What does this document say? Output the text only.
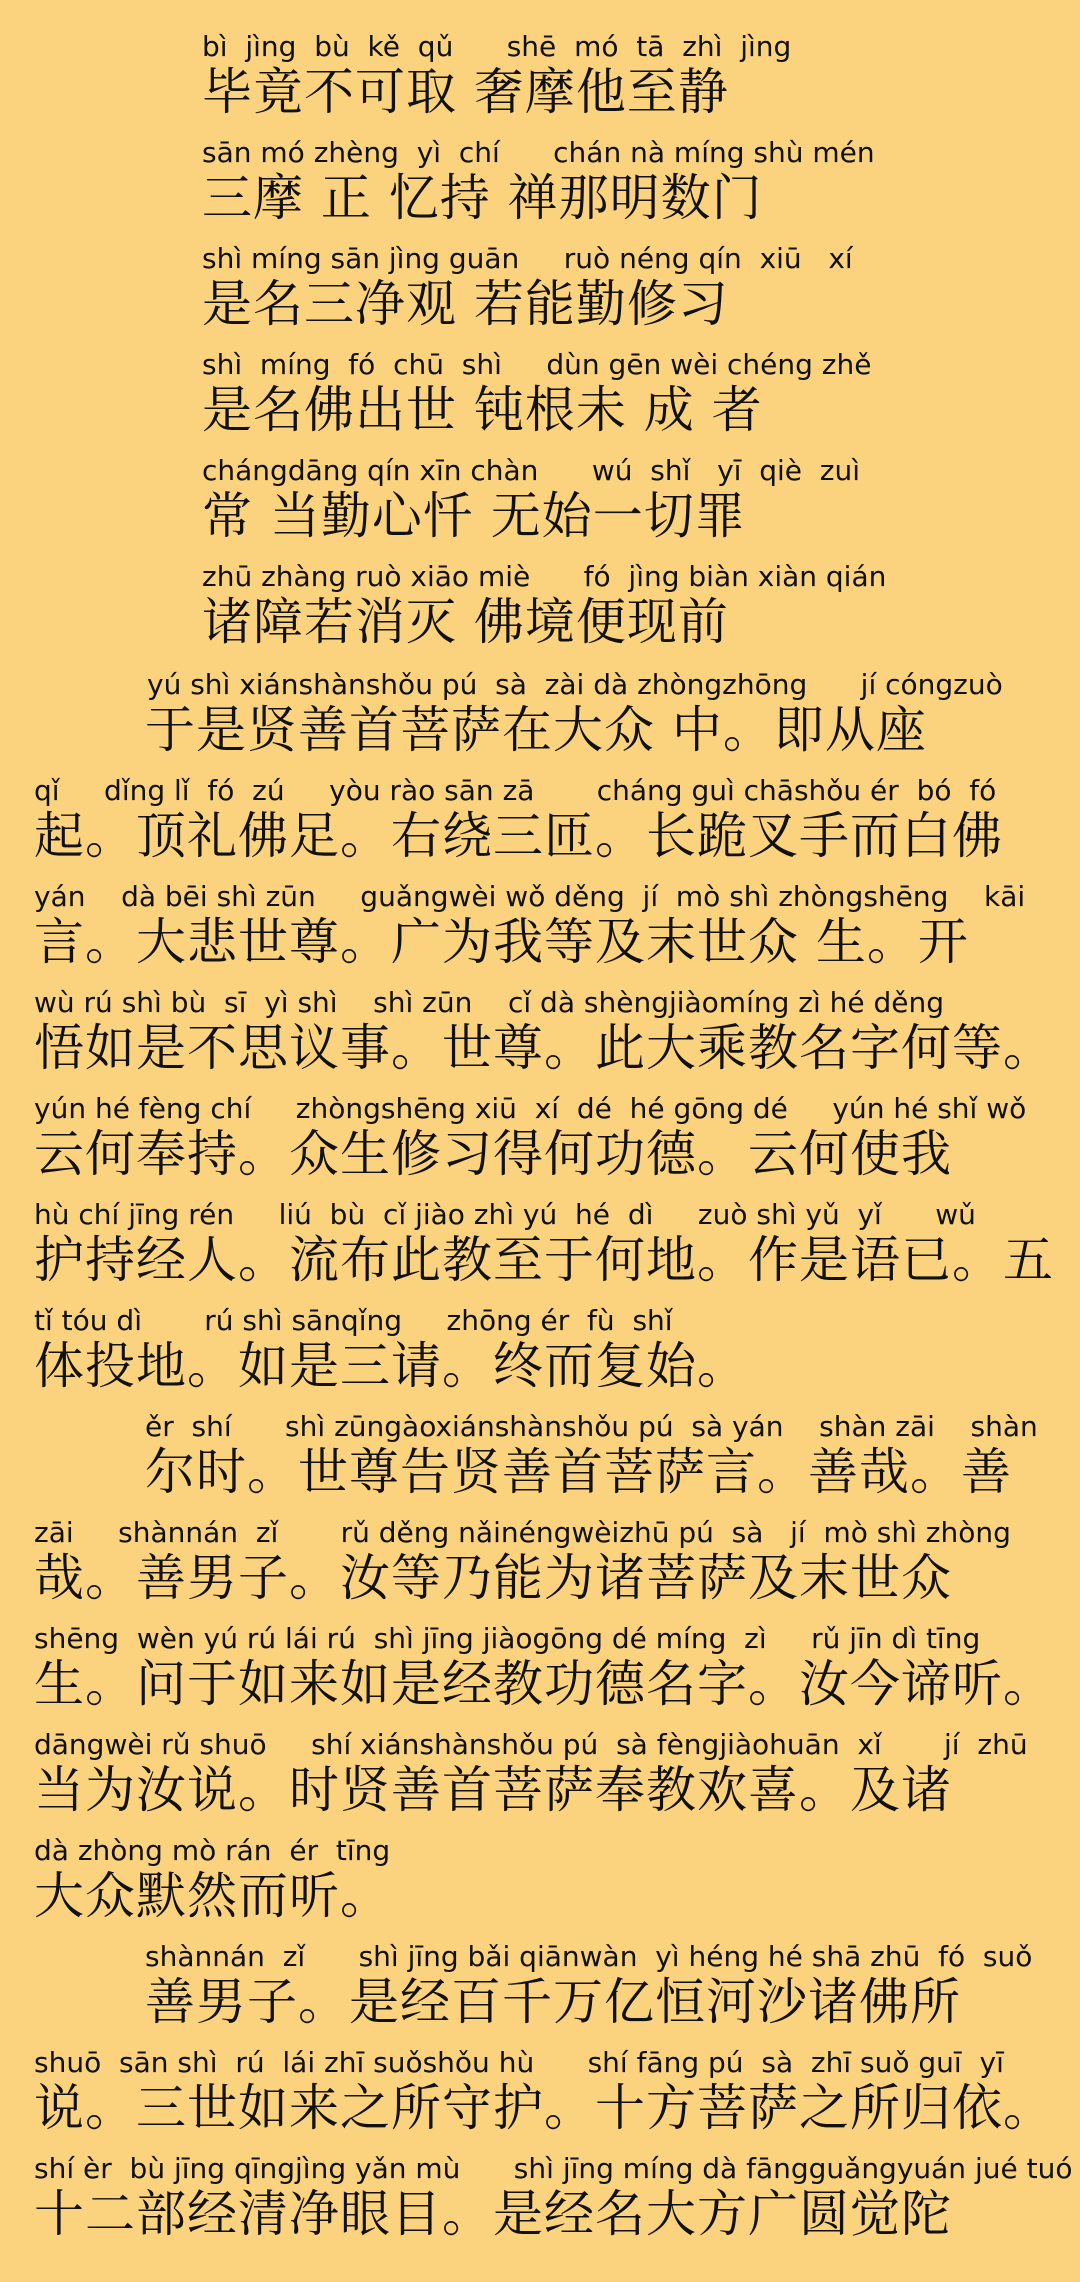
bì  jìng  bù  kě  qǔ      shē  mó  tā  zhì  jìng
毕竟不可取 奢摩他至静
sān mó zhèng  yì  chí      chán nà míng shù mén
三摩 正 忆持 禅那明数门
shì míng sān jìng guān     ruò néng qín  xiū   xí
是名三净观 若能勤修习
shì  míng  fó  chū  shì     dùn gēn wèi chéng zhě
是名佛出世 钝根未 成 者
chángdāng qín xīn chàn      wú  shǐ   yī  qiè  zuì
常 当勤心忏 无始一切罪
zhū zhàng ruò xiāo miè      fó  jìng biàn xiàn qián
诸障若消灭 佛境便现前
yú shì xiánshànshǒu pú  sà  zài dà zhòngzhōng      jí cóngzuò
于是贤善首菩萨在大众 中。即从座
qǐ     dǐng lǐ  fó  zú     yòu rào sān zā       cháng guì chāshǒu ér  bó  fó
起。顶礼佛足。右绕三匝。长跪叉手而白佛
yán    dà bēi shì zūn     guǎngwèi wǒ děng  jí  mò shì zhòngshēng    kāi
言。大悲世尊。广为我等及末世众 生。开
wù rú shì bù  sī  yì shì    shì zūn    cǐ dà shèngjiàomíng zì hé děng
悟如是不思议事。世尊。此大乘教名字何等。
yún hé fèng chí     zhòngshēng xiū  xí  dé  hé gōng dé     yún hé shǐ wǒ
云何奉持。众生修习得何功德。云何使我
hù chí jīng rén     liú  bù  cǐ jiào zhì yú  hé  dì     zuò shì yǔ  yǐ      wǔ
护持经人。流布此教至于何地。作是语已。五
tǐ tóu dì       rú shì sānqǐng     zhōng ér  fù  shǐ
体投地。如是三请。终而复始。
ěr  shí      shì zūngàoxiánshànshǒu pú  sà yán    shàn zāi    shàn
尔时。世尊告贤善首菩萨言。善哉。善
zāi     shànnán  zǐ       rǔ děng nǎinéngwèizhū pú  sà   jí  mò shì zhòng
哉。善男子。汝等乃能为诸菩萨及末世众
shēng  wèn yú rú lái rú  shì jīng jiàogōng dé míng  zì     rǔ jīn dì tīng
生。问于如来如是经教功德名字。汝今谛听。
dāngwèi rǔ shuō     shí xiánshànshǒu pú  sà fèngjiàohuān  xǐ       jí  zhū
当为汝说。时贤善首菩萨奉教欢喜。及诸
dà zhòng mò rán  ér  tīng
大众默然而听。
shànnán  zǐ      shì jīng bǎi qiānwàn  yì héng hé shā zhū  fó  suǒ
善男子。是经百千万亿恒河沙诸佛所
shuō  sān shì  rú  lái zhī suǒshǒu hù      shí fāng pú  sà  zhī suǒ guī  yī
说。三世如来之所守护。十方菩萨之所归依。
shí èr  bù jīng qīngjìng yǎn mù      shì jīng míng dà fāngguǎngyuán jué tuó
十二部经清净眼目。是经名大方广圆觉陀
